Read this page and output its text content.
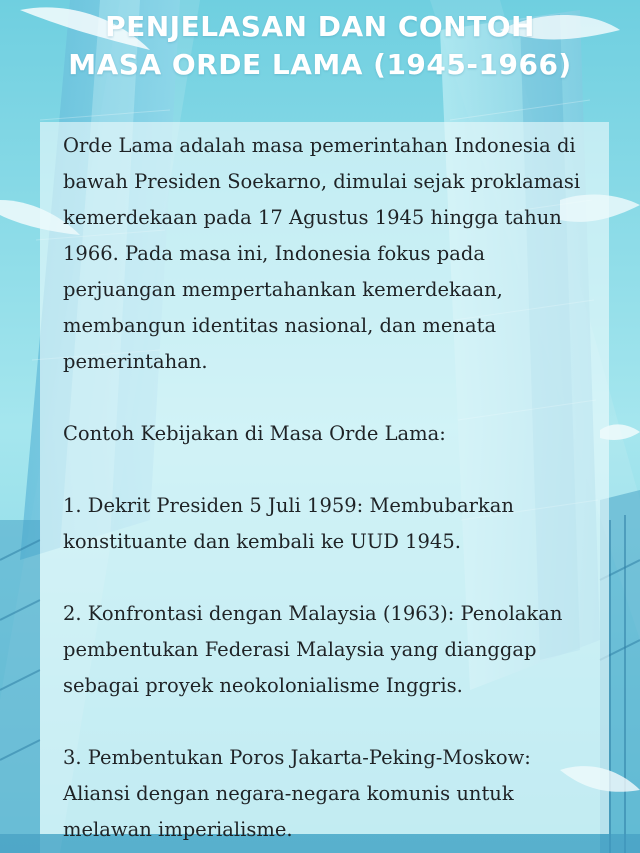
PENJELASAN DAN CONTOH
MASA ORDE LAMA (1945-1966)

Orde Lama adalah masa pemerintahan Indonesia di bawah Presiden Soekarno, dimulai sejak proklamasi kemerdekaan pada 17 Agustus 1945 hingga tahun 1966. Pada masa ini, Indonesia fokus pada perjuangan mempertahankan kemerdekaan, membangun identitas nasional, dan menata pemerintahan.

Contoh Kebijakan di Masa Orde Lama:

1. Dekrit Presiden 5 Juli 1959: Membubarkan konstituante dan kembali ke UUD 1945.

2. Konfrontasi dengan Malaysia (1963): Penolakan pembentukan Federasi Malaysia yang dianggap sebagai proyek neokolonialisme Inggris.

3. Pembentukan Poros Jakarta-Peking-Moskow: Aliansi dengan negara-negara komunis untuk melawan imperialisme.
